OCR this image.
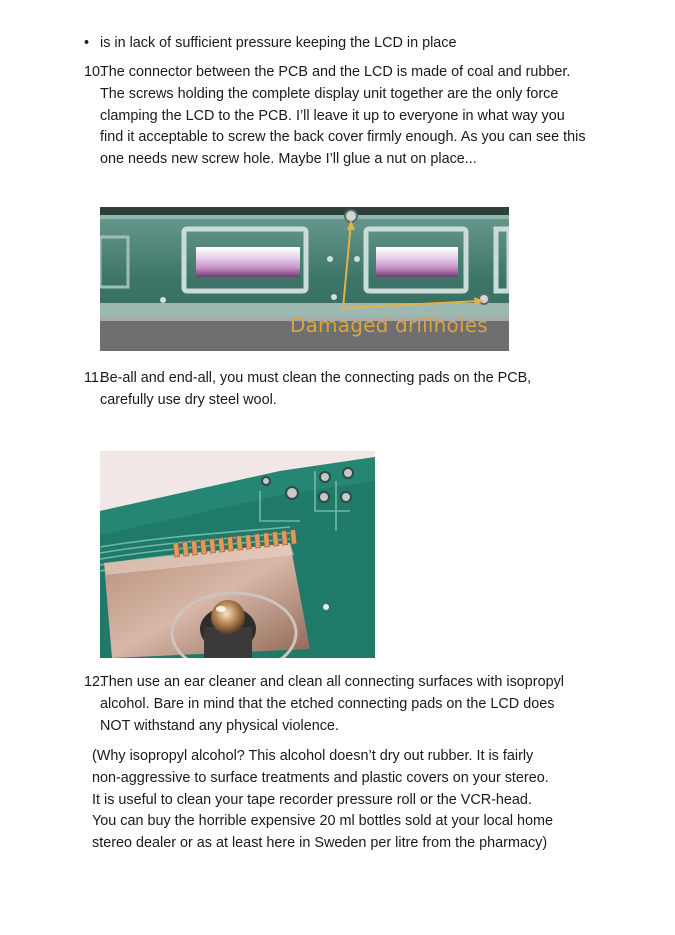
• is in lack of sufficient pressure keeping the LCD in place
10.
The connector between the PCB and the LCD is made of coal and rubber.
The screws holding the complete display unit together are the only force
clamping the LCD to the PCB. I’ll leave it up to everyone in what way you
find it acceptable to screw the back cover firmly enough. As you can see this
one needs new screw hole. Maybe I’ll glue a nut on place...
Damaged drillholes
11.
Be-all and end-all, you must clean the connecting pads on the PCB,
carefully use dry steel wool.
12.
Then use an ear cleaner and clean all connecting surfaces with isopropyl
alcohol. Bare in mind that the etched connecting pads on the LCD does
NOT withstand any physical violence.
(Why isopropyl alcohol? This alcohol doesn’t dry out rubber. It is fairly
non-aggressive to surface treatments and plastic covers on your stereo.
It is useful to clean your tape recorder pressure roll or the VCR-head.
You can buy the horrible expensive 20 ml bottles sold at your local home
stereo dealer or as at least here in Sweden per litre from the pharmacy)
